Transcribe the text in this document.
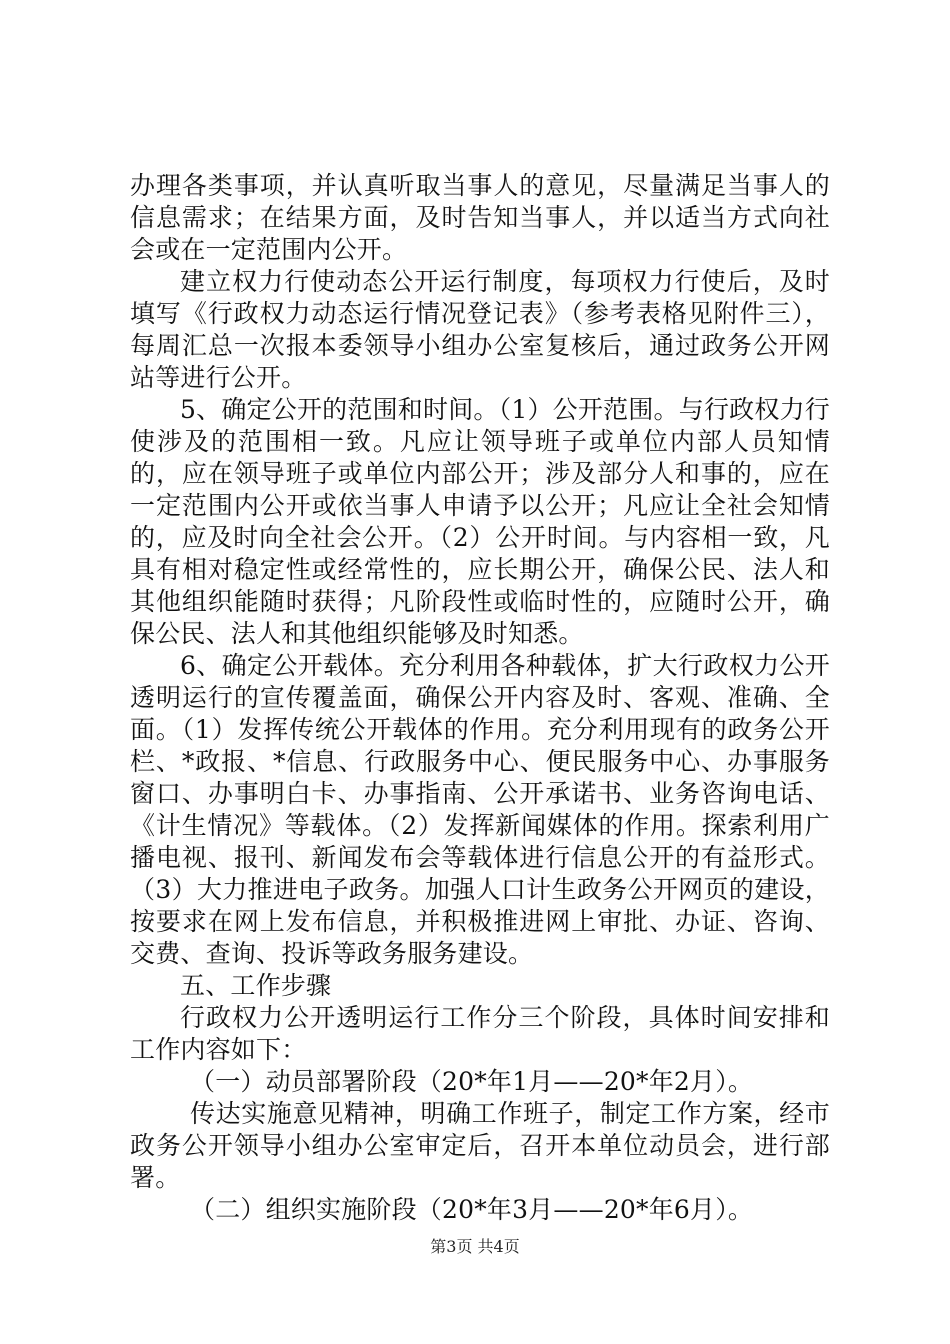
办理各类事项，并认真听取当事人的意见，尽量满足当事人的信息需求；在结果方面，及时告知当事人，并以适当方式向社会或在一定范围内公开。

建立权力行使动态公开运行制度，每项权力行使后，及时填写《行政权力动态运行情况登记表》（参考表格见附件三），每周汇总一次报本委领导小组办公室复核后，通过政务公开网站等进行公开。

5、确定公开的范围和时间。（1）公开范围。与行政权力行使涉及的范围相一致。凡应让领导班子或单位内部人员知情的，应在领导班子或单位内部公开；涉及部分人和事的，应在一定范围内公开或依当事人申请予以公开；凡应让全社会知情的，应及时向全社会公开。（2）公开时间。与内容相一致，凡具有相对稳定性或经常性的，应长期公开，确保公民、法人和其他组织能随时获得；凡阶段性或临时性的，应随时公开，确保公民、法人和其他组织能够及时知悉。

6、确定公开载体。充分利用各种载体，扩大行政权力公开透明运行的宣传覆盖面，确保公开内容及时、客观、准确、全面。（1）发挥传统公开载体的作用。充分利用现有的政务公开栏、*政报、*信息、行政服务中心、便民服务中心、办事服务窗口、办事明白卡、办事指南、公开承诺书、业务咨询电话、《计生情况》等载体。（2）发挥新闻媒体的作用。探索利用广播电视、报刊、新闻发布会等载体进行信息公开的有益形式。（3）大力推进电子政务。加强人口计生政务公开网页的建设，按要求在网上发布信息，并积极推进网上审批、办证、咨询、交费、查询、投诉等政务服务建设。

五、工作步骤

行政权力公开透明运行工作分三个阶段，具体时间安排和工作内容如下：

（一）动员部署阶段（20*年1月——20*年2月）。

传达实施意见精神，明确工作班子，制定工作方案，经市政务公开领导小组办公室审定后，召开本单位动员会，进行部署。

（二）组织实施阶段（20*年3月——20*年6月）。

第3页 共4页
